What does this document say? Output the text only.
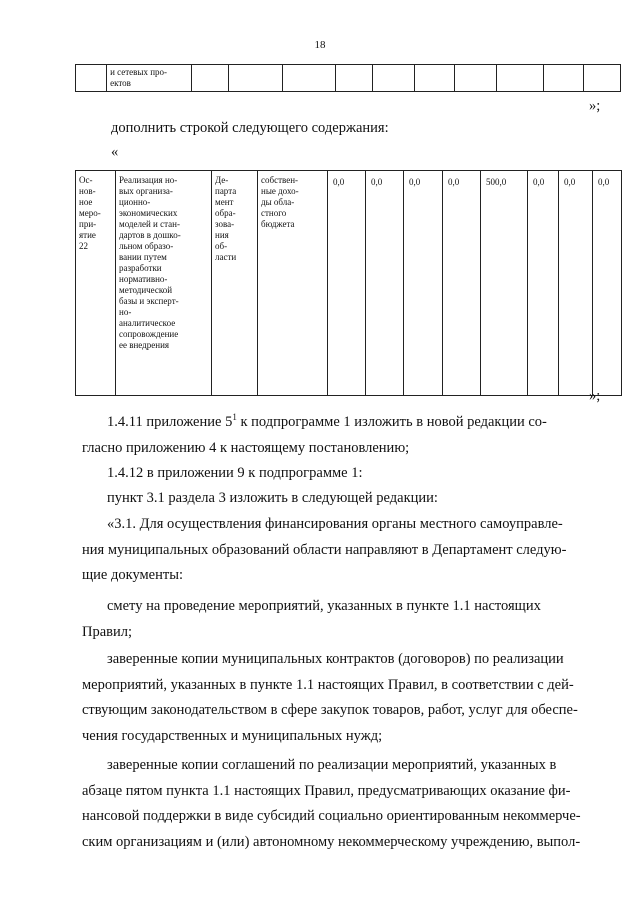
18

и сетевых про-
ектов

»;
дополнить строкой следующего содержания:
«
Ос-
нов-
ное
меро-
при-
ятие
22

Реализация но-
вых организа-
ционно-
экономических
моделей и стан-
дартов в дошко-
льном образо-
вании путем
разработки
нормативно-
методической
базы и эксперт-
но-
аналитическое
сопровождение
ее внедрения

Де-
парта
мент
обра-
зова-
ния
об-
ласти

собствен-
ные дохо-
ды обла-
стного
бюджета
	0,0	0,0	0,0	0,0	500,0	0,0	0,0	0,0
»;

1.4.11 приложение $5^1$ к подпрограмме 1 изложить в новой редакции со-
гласно приложению 4 к настоящему постановлению;

1.4.12 в приложении 9 к подпрограмме 1:

пункт 3.1 раздела 3 изложить в следующей редакции:

«3.1. Для осуществления финансирования органы местного самоуправле-
ния муниципальных образований области направляют в Департамент следую-
щие документы:

смету на проведение мероприятий, указанных в пункте 1.1 настоящих
Правил;

заверенные копии муниципальных контрактов (договоров) по реализации
мероприятий, указанных в пункте 1.1 настоящих Правил, в соответствии с дей-
ствующим законодательством в сфере закупок товаров, работ, услуг для обеспе-
чения государственных и муниципальных нужд;

заверенные копии соглашений по реализации мероприятий, указанных в
абзаце пятом пункта 1.1 настоящих Правил, предусматривающих оказание фи-
нансовой поддержки в виде субсидий социально ориентированным некоммерче-
ским организациям и (или) автономному некоммерческому учреждению, выпол-
